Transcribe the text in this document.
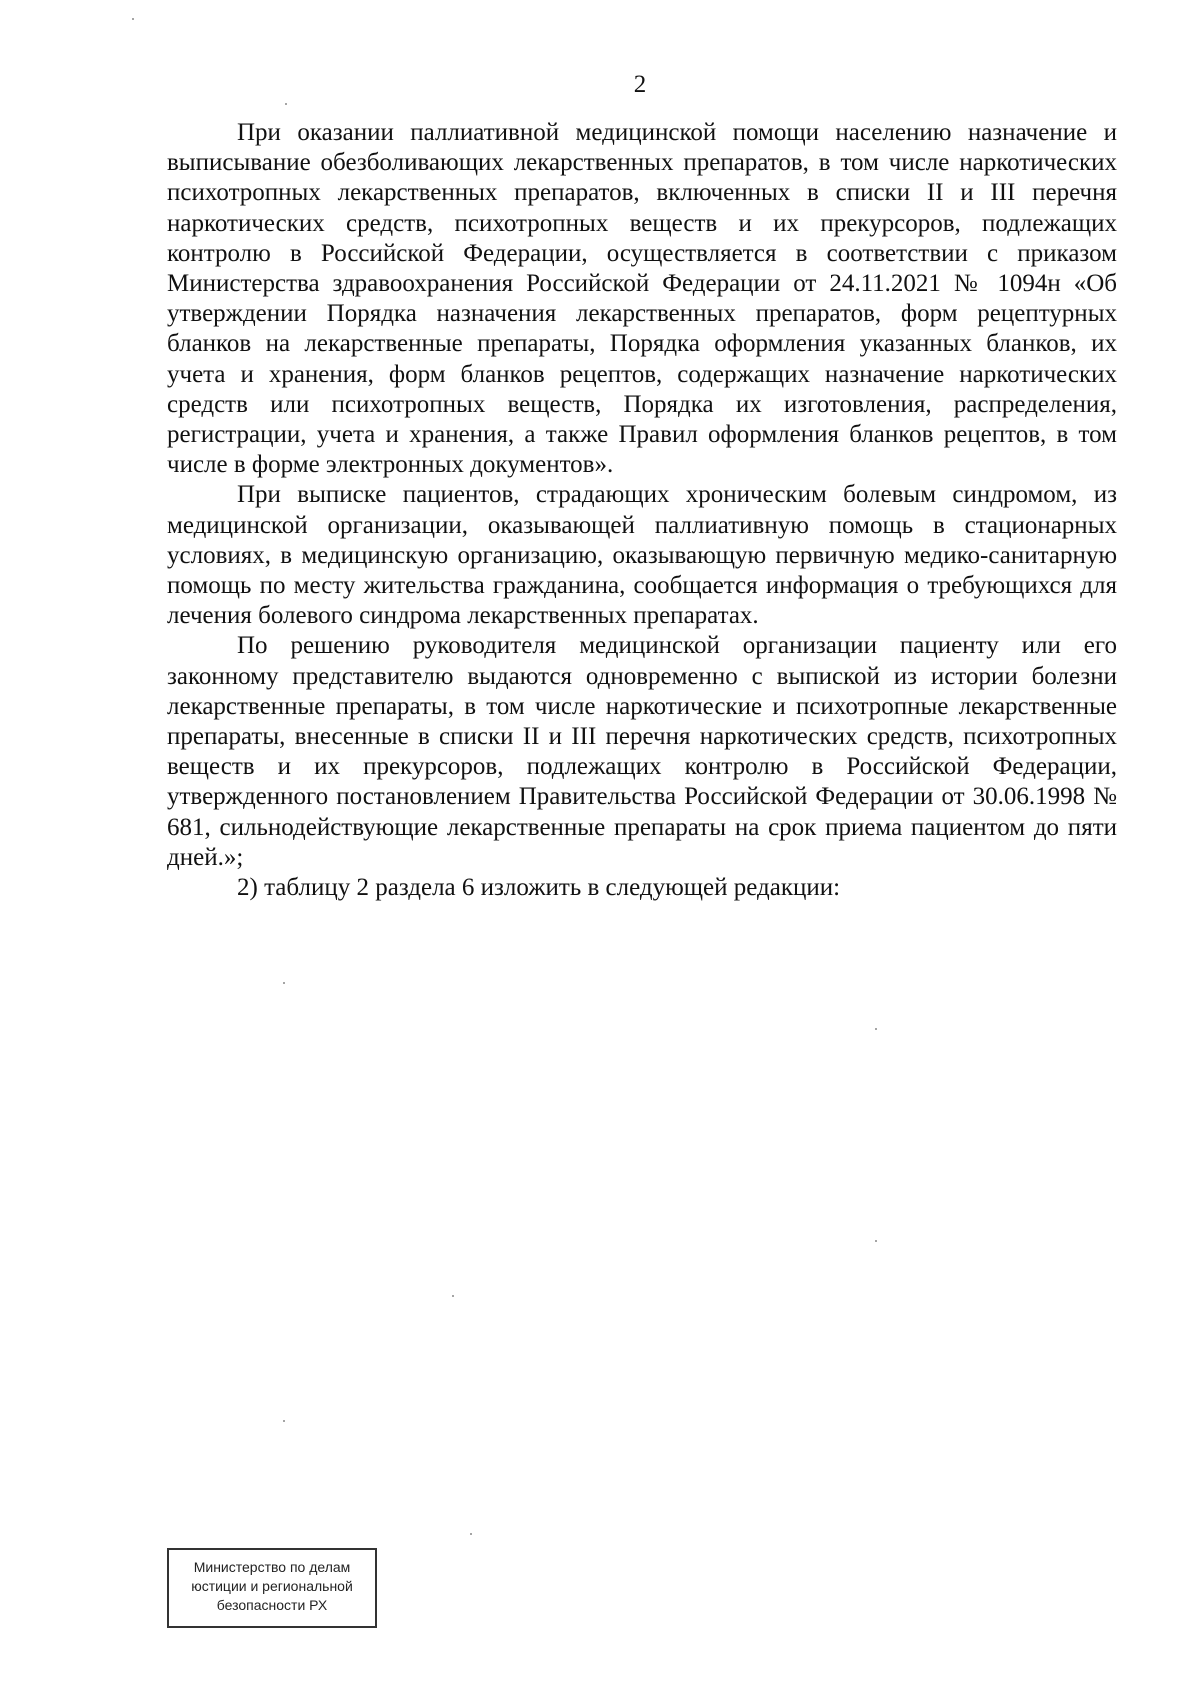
2

При оказании паллиативной медицинской помощи населению назначение и выписывание обезболивающих лекарственных препаратов, в том числе наркотических психотропных лекарственных препаратов, включенных в списки II и III перечня наркотических средств, психотропных веществ и их прекурсоров, подлежащих контролю в Российской Федерации, осуществляется в соответствии с приказом Министерства здравоохранения Российской Федерации от 24.11.2021 № 1094н «Об утверждении Порядка назначения лекарственных препаратов, форм рецептурных бланков на лекарственные препараты, Порядка оформления указанных бланков, их учета и хранения, форм бланков рецептов, содержащих назначение наркотических средств или психотропных веществ, Порядка их изготовления, распределения, регистрации, учета и хранения, а также Правил оформления бланков рецептов, в том числе в форме электронных документов».

При выписке пациентов, страдающих хроническим болевым синдромом, из медицинской организации, оказывающей паллиативную помощь в стационарных условиях, в медицинскую организацию, оказывающую первичную медико-санитарную помощь по месту жительства гражданина, сообщается информация о требующихся для лечения болевого синдрома лекарственных препаратах.

По решению руководителя медицинской организации пациенту или его законному представителю выдаются одновременно с выпиской из истории болезни лекарственные препараты, в том числе наркотические и психотропные лекарственные препараты, внесенные в списки II и III перечня наркотических средств, психотропных веществ и их прекурсоров, подлежащих контролю в Российской Федерации, утвержденного постановлением Правительства Российской Федерации от 30.06.1998 № 681, сильнодействующие лекарственные препараты на срок приема пациентом до пяти дней.»;

2) таблицу 2 раздела 6 изложить в следующей редакции:

Министерство по делам
юстиции и региональной
безопасности РХ
